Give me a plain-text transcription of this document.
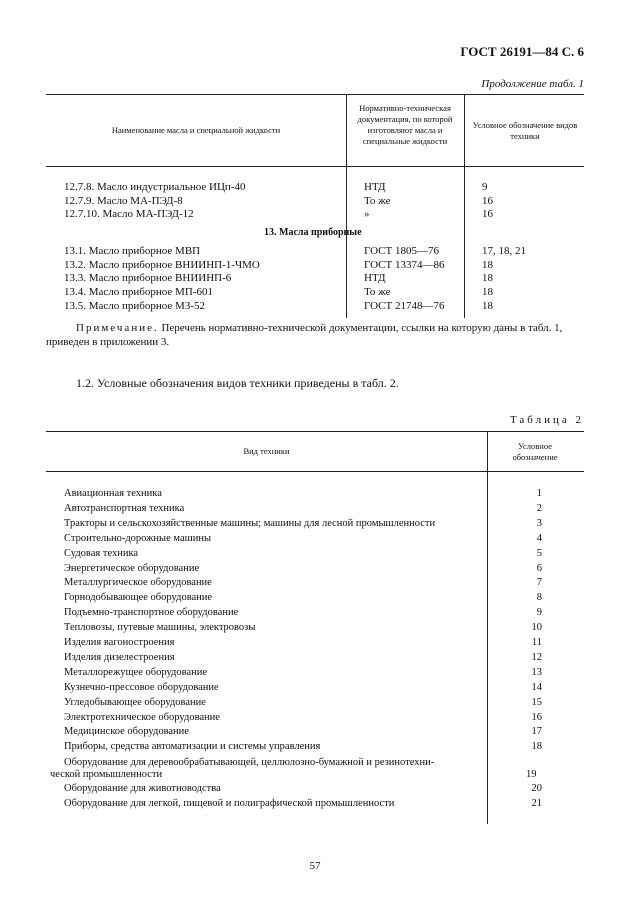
ГОСТ 26191—84 С. 6
Продолжение табл. 1
Наименование масла и специальной жидкости
Нормативно-техническая документация, по которой изготовляют масла и специальные жидкости
Условное обозначение видов техники
12.7.8. Масло индустриальное ИЦп-40	НТД	9
12.7.9. Масло МА-ПЭД-8	То же	16
12.7.10. Масло МА-ПЭД-12	»	16
13. Масла приборные
13.1. Масло приборное МВП	ГОСТ 1805—76	17, 18, 21
13.2. Масло приборное ВНИИНП-1-ЧМО	ГОСТ 13374—86	18
13.3. Масло приборное ВНИИНП-6	НТД	18
13.4. Масло приборное МП-601	То же	18
13.5. Масло приборное МЗ-52	ГОСТ 21748—76	18
Примечание. Перечень нормативно-технической документации, ссылки на которую даны в табл. 1,
приведен в приложении 3.
1.2. Условные обозначения видов техники приведены в табл. 2.
Таблица 2
Вид техники	Условное обозначение
Авиационная техника	1
Автотранспортная техника	2
Тракторы и сельскохозяйственные машины; машины для лесной промышленности	3
Строительно-дорожные машины	4
Судовая техника	5
Энергетическое оборудование	6
Металлургическое оборудование	7
Горнодобывающее оборудование	8
Подъемно-транспортное оборудование	9
Тепловозы, путевые машины, электровозы	10
Изделия вагоностроения	11
Изделия дизелестроения	12
Металлорежущее оборудование	13
Кузнечно-прессовое оборудование	14
Угледобывающее оборудование	15
Электротехническое оборудование	16
Медицинское оборудование	17
Приборы, средства автоматизации и системы управления	18
Оборудование для деревообрабатывающей, целлюлозно-бумажной и резинотехни-
ческой промышленности	19
Оборудование для животноводства	20
Оборудование для легкой, пищевой и полиграфической промышленности	21
57
